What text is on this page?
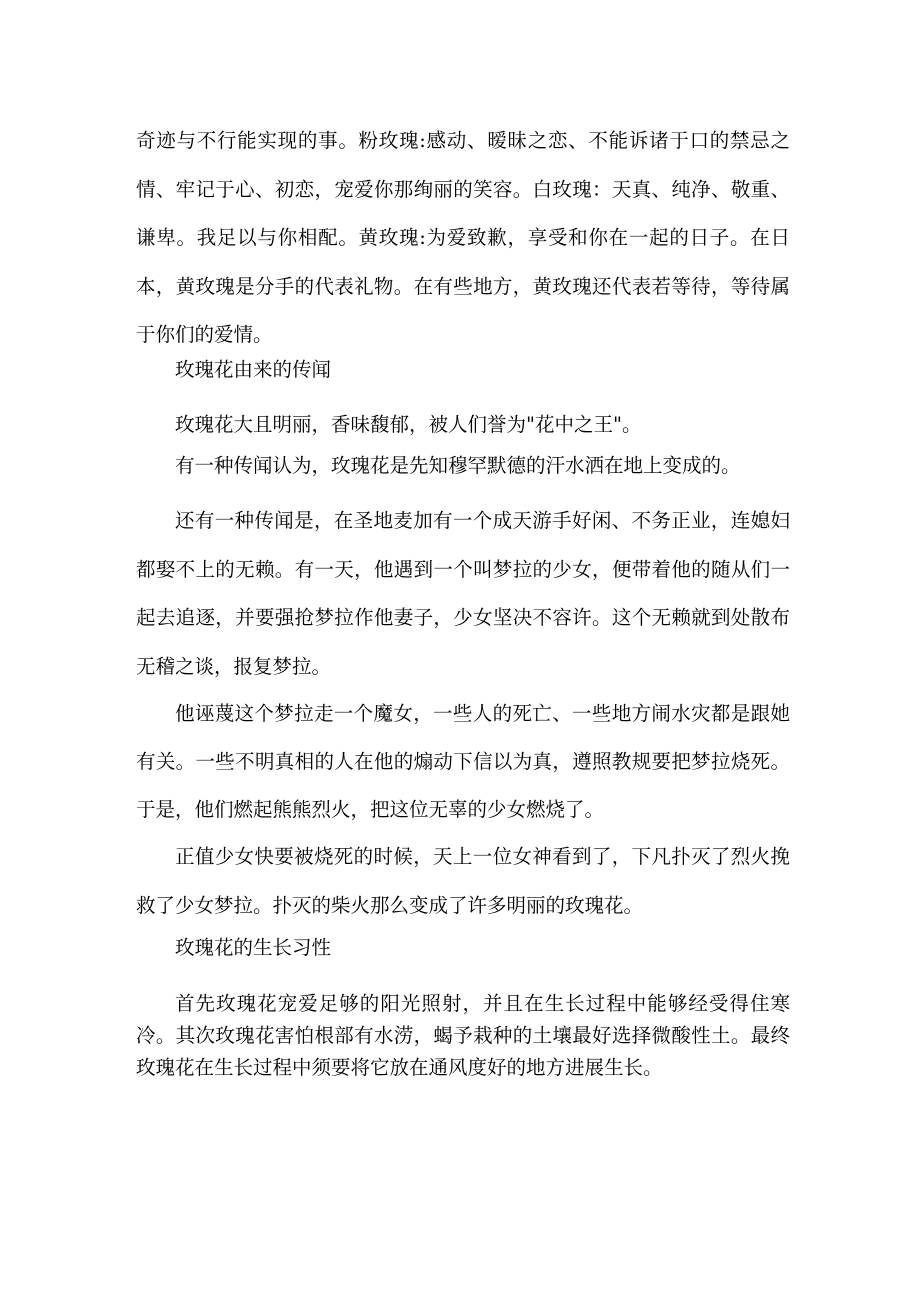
奇迹与不行能实现的事。粉玫瑰:感动、暧昧之恋、不能诉诸于口的禁忌之情、牢记于心、初恋，宠爱你那绚丽的笑容。白玫瑰：天真、纯净、敬重、谦卑。我足以与你相配。黄玫瑰:为爱致歉，享受和你在一起的日子。在日本，黄玫瑰是分手的代表礼物。在有些地方，黄玫瑰还代表若等待，等待属于你们的爱情。

玫瑰花由来的传闻

玫瑰花大且明丽，香味馥郁，被人们誉为"花中之王"。

有一种传闻认为，玫瑰花是先知穆罕默德的汗水洒在地上变成的。

还有一种传闻是，在圣地麦加有一个成天游手好闲、不务正业，连媳妇都娶不上的无赖。有一天，他遇到一个叫梦拉的少女，便带着他的随从们一起去追逐，并要强抢梦拉作他妻子，少女坚决不容许。这个无赖就到处散布无稽之谈，报复梦拉。

他诬蔑这个梦拉走一个魔女，一些人的死亡、一些地方闹水灾都是跟她有关。一些不明真相的人在他的煽动下信以为真，遵照教规要把梦拉烧死。于是，他们燃起熊熊烈火，把这位无辜的少女燃烧了。

正值少女快要被烧死的时候，天上一位女神看到了，下凡扑灭了烈火挽救了少女梦拉。扑灭的柴火那么变成了许多明丽的玫瑰花。

玫瑰花的生长习性

首先玫瑰花宠爱足够的阳光照射，并且在生长过程中能够经受得住寒冷。其次玫瑰花害怕根部有水涝，蝎予栽种的土壤最好选择微酸性土。最终玫瑰花在生长过程中须要将它放在通风度好的地方进展生长。
